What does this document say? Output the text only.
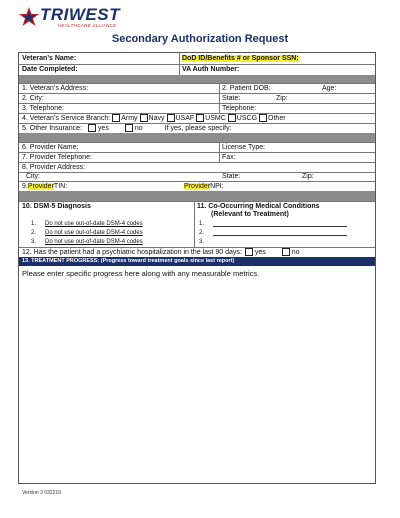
TRIWEST
HEALTHCARE ALLIANCE
Secondary Authorization Request
Veteran’s Name:	DoD ID/Benefits # or Sponsor SSN:
Date Completed:	VA Auth Number:
1. Veteran’s Address:	2. Patient DOB:	Age:
2. City:	State:	Zip:
3. Telephone:	Telephone:
4. Veteran’s Service Branch: Army Navy USAF USMC USCG Other
5. Other Insurance: yes	no	If yes, please specify:
6. Provider Name:	License Type:
7. Provider Telephone:	Fax:
8. Provider Address:
City:	State:	Zip:
9. Provider TIN:	Provider NPI:
10. DSM-5 Diagnosis
1.	Do not use out-of-date DSM-4 codes
2.	Do not use out-of-date DSM-4 codes
3.	Do not use out-of-date DSM-4 codes
11. Co-Occurring Medical Conditions
(Relevant to Treatment)
1.
2.
3.
12. Has the patient had a psychiatric hospitalization in the last 90 days: yes	no
13. TREATMENT PROGRESS: (Progress toward treatment goals since last report)
Please enter specific progress here along with any measurable metrics.
Version 3 032219
